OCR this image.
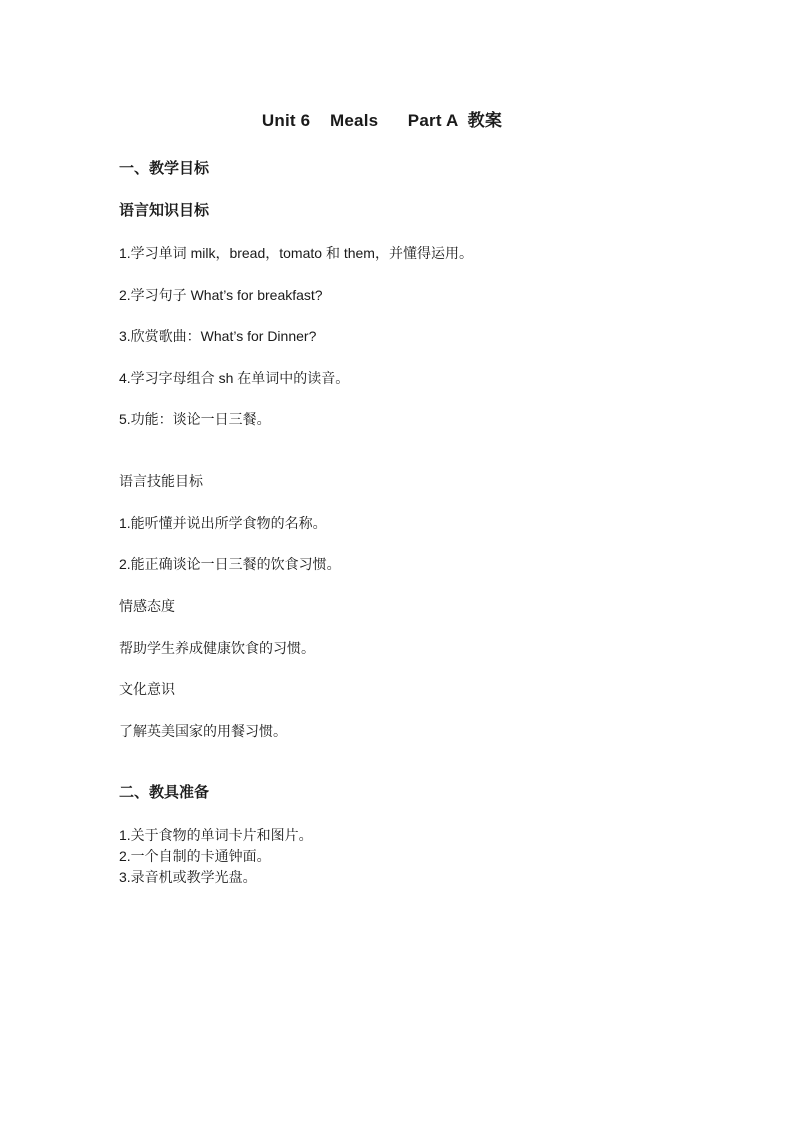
Unit 6    Meals      Part A  教案
一、教学目标
语言知识目标
1.学习单词 milk，bread，tomato 和 them，并懂得运用。
2.学习句子 What’s for breakfast?
3.欣赏歌曲：What’s for Dinner?
4.学习字母组合 sh 在单词中的读音。
5.功能：谈论一日三餐。
语言技能目标
1.能听懂并说出所学食物的名称。
2.能正确谈论一日三餐的饮食习惯。
情感态度
帮助学生养成健康饮食的习惯。
文化意识
了解英美国家的用餐习惯。
二、教具准备
1.关于食物的单词卡片和图片。
2.一个自制的卡通钟面。
3.录音机或教学光盘。
